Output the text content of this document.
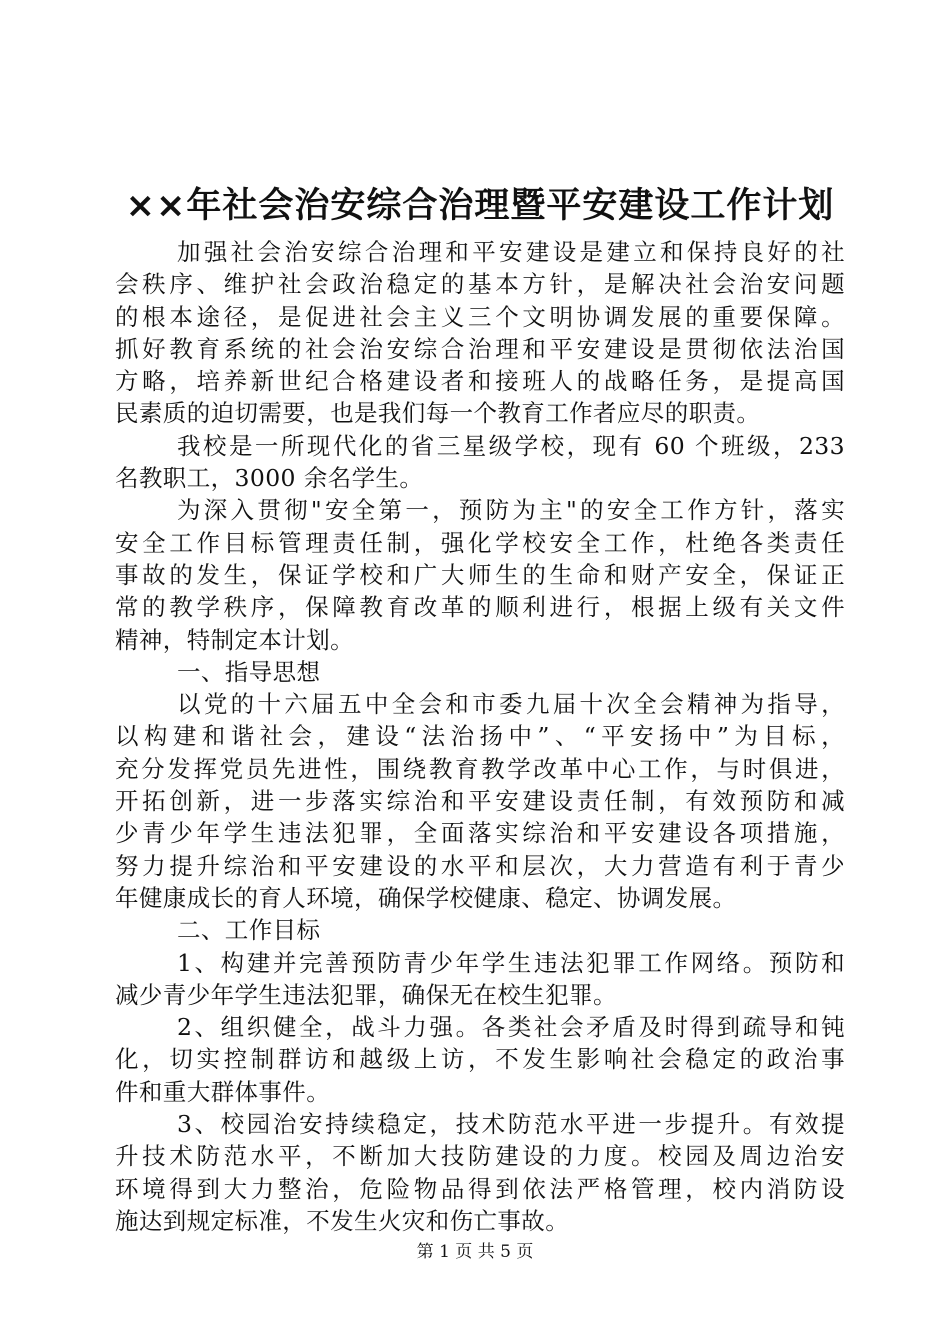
××年社会治安综合治理暨平安建设工作计划
加强社会治安综合治理和平安建设是建立和保持良好的社
会秩序、维护社会政治稳定的基本方针，是解决社会治安问题
的根本途径，是促进社会主义三个文明协调发展的重要保障。
抓好教育系统的社会治安综合治理和平安建设是贯彻依法治国
方略，培养新世纪合格建设者和接班人的战略任务，是提高国
民素质的迫切需要，也是我们每一个教育工作者应尽的职责。
我校是一所现代化的省三星级学校，现有 60 个班级，233
名教职工，3000 余名学生。
为深入贯彻"安全第一，预防为主"的安全工作方针，落实
安全工作目标管理责任制，强化学校安全工作，杜绝各类责任
事故的发生，保证学校和广大师生的生命和财产安全，保证正
常的教学秩序，保障教育改革的顺利进行，根据上级有关文件
精神，特制定本计划。
一、指导思想
以党的十六届五中全会和市委九届十次全会精神为指导，
以构建和谐社会，建设“法治扬中”、“平安扬中”为目标，
充分发挥党员先进性，围绕教育教学改革中心工作，与时俱进，
开拓创新，进一步落实综治和平安建设责任制，有效预防和减
少青少年学生违法犯罪，全面落实综治和平安建设各项措施，
努力提升综治和平安建设的水平和层次，大力营造有利于青少
年健康成长的育人环境，确保学校健康、稳定、协调发展。
二、工作目标
1、构建并完善预防青少年学生违法犯罪工作网络。预防和
减少青少年学生违法犯罪，确保无在校生犯罪。
2、组织健全，战斗力强。各类社会矛盾及时得到疏导和钝
化，切实控制群访和越级上访，不发生影响社会稳定的政治事
件和重大群体事件。
3、校园治安持续稳定，技术防范水平进一步提升。有效提
升技术防范水平，不断加大技防建设的力度。校园及周边治安
环境得到大力整治，危险物品得到依法严格管理，校内消防设
施达到规定标准，不发生火灾和伤亡事故。
第 1 页 共 5 页
